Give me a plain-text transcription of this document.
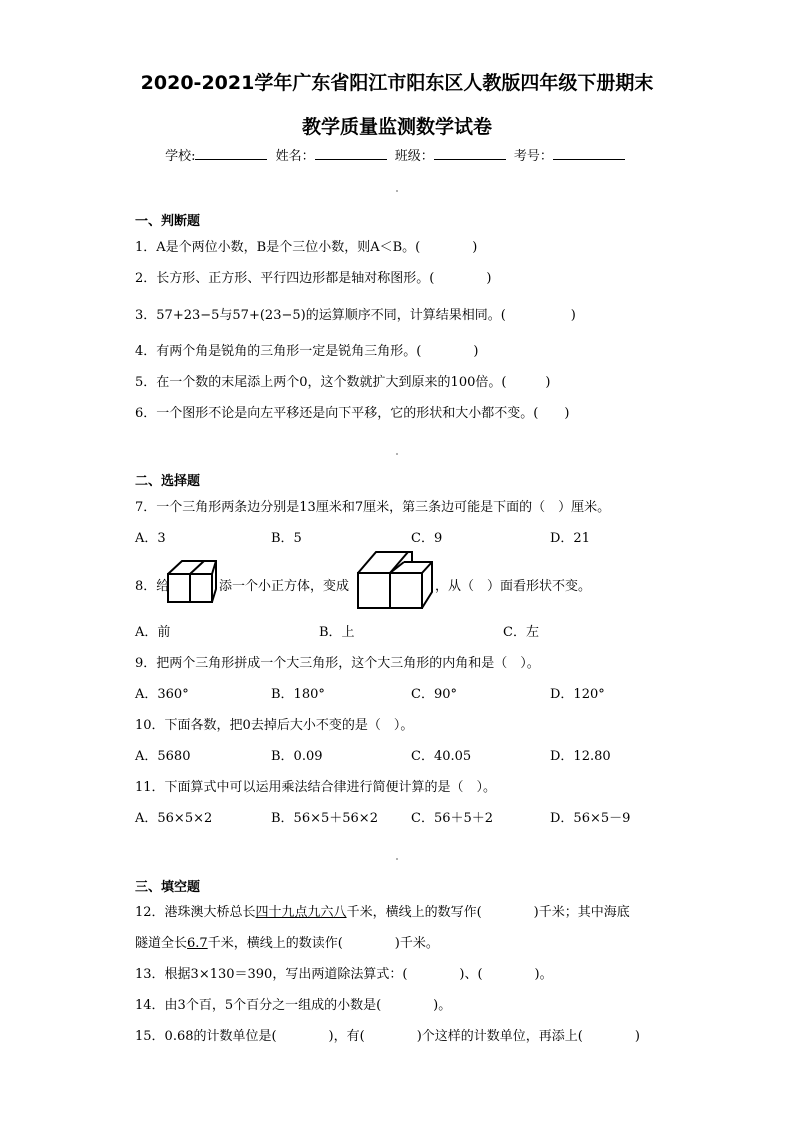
2020-2021学年广东省阳江市阳东区人教版四年级下册期末
教学质量监测数学试卷
学校:	姓名：	班级：	考号：
一、判断题
1．A是个两位小数，B是个三位小数，则A＜B。(　　　　)
2．长方形、正方形、平行四边形都是轴对称图形。(　　　　)
3．57+23−5与57+(23−5)的运算顺序不同，计算结果相同。(　　　　　)
4．有两个角是锐角的三角形一定是锐角三角形。(　　　　)
5．在一个数的末尾添上两个0，这个数就扩大到原来的100倍。(　　　)
6．一个图形不论是向左平移还是向下平移，它的形状和大小都不变。(　　)
二、选择题
7．一个三角形两条边分别是13厘米和7厘米，第三条边可能是下面的（　）厘米。
A．3	B．5	C．9	D．21
8．给	添一个小正方体，变成	，从（　）面看形状不变。
A．前	B．上	C．左
9．把两个三角形拼成一个大三角形，这个大三角形的内角和是（　）。
A．360°	B．180°	C．90°	D．120°
10．下面各数，把0去掉后大小不变的是（　）。
A．5680	B．0.09	C．40.05	D．12.80
11．下面算式中可以运用乘法结合律进行简便计算的是（　）。
A．56×5×2	B．56×5＋56×2	C．56＋5＋2	D．56×5－9
三、填空题
12．港珠澳大桥总长四十九点九六八千米，横线上的数写作(　　　　)千米；其中海底
隧道全长6.7千米，横线上的数读作(　　　　)千米。
13．根据3×130＝390，写出两道除法算式：(　　　　)、(　　　　)。
14．由3个百，5个百分之一组成的小数是(　　　　)。
15．0.68的计数单位是(　　　　)，有(　　　　)个这样的计数单位，再添上(　　　　)
